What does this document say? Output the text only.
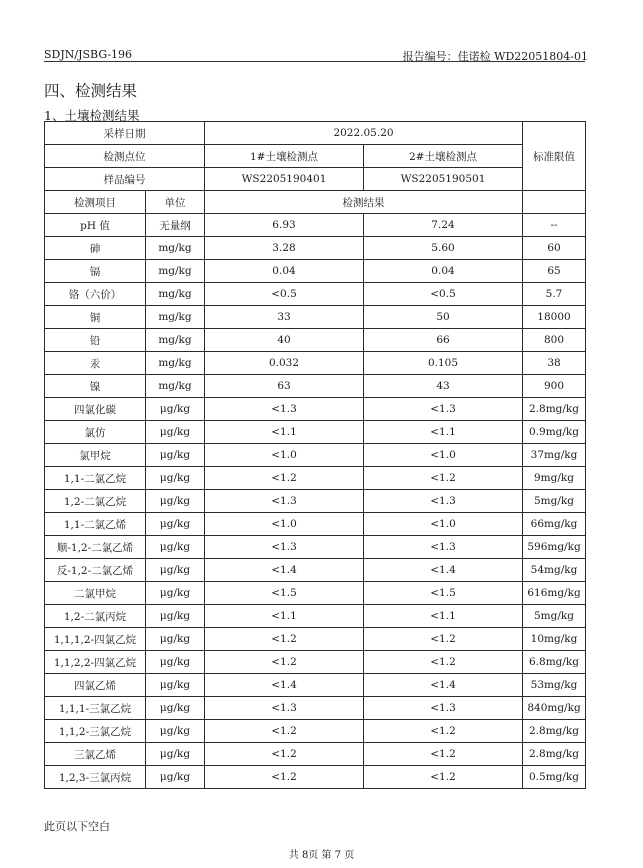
SDJN/JSBG-196	报告编号：佳诺检 WD22051804-01
四、检测结果
1、土壤检测结果
采样日期		2022.05.20		标准限值
检测点位		1#土壤检测点	2#土壤检测点	
样品编号		WS2205190401	WS2205190501	
检测项目	单位	检测结果		
pH 值	无量纲	6.93	7.24	--
砷	mg/kg	3.28	5.60	60
镉	mg/kg	0.04	0.04	65
铬（六价）	mg/kg	<0.5	<0.5	5.7
铜	mg/kg	33	50	18000
铅	mg/kg	40	66	800
汞	mg/kg	0.032	0.105	38
镍	mg/kg	63	43	900
四氯化碳	μg/kg	<1.3	<1.3	2.8mg/kg
氯仿	μg/kg	<1.1	<1.1	0.9mg/kg
氯甲烷	μg/kg	<1.0	<1.0	37mg/kg
1,1-二氯乙烷	μg/kg	<1.2	<1.2	9mg/kg
1,2-二氯乙烷	μg/kg	<1.3	<1.3	5mg/kg
1,1-二氯乙烯	μg/kg	<1.0	<1.0	66mg/kg
顺-1,2-二氯乙烯	μg/kg	<1.3	<1.3	596mg/kg
反-1,2-二氯乙烯	μg/kg	<1.4	<1.4	54mg/kg
二氯甲烷	μg/kg	<1.5	<1.5	616mg/kg
1,2-二氯丙烷	μg/kg	<1.1	<1.1	5mg/kg
1,1,1,2-四氯乙烷	μg/kg	<1.2	<1.2	10mg/kg
1,1,2,2-四氯乙烷	μg/kg	<1.2	<1.2	6.8mg/kg
四氯乙烯	μg/kg	<1.4	<1.4	53mg/kg
1,1,1-三氯乙烷	μg/kg	<1.3	<1.3	840mg/kg
1,1,2-三氯乙烷	μg/kg	<1.2	<1.2	2.8mg/kg
三氯乙烯	μg/kg	<1.2	<1.2	2.8mg/kg
1,2,3-三氯丙烷	μg/kg	<1.2	<1.2	0.5mg/kg
此页以下空白
共 8页 第 7 页
